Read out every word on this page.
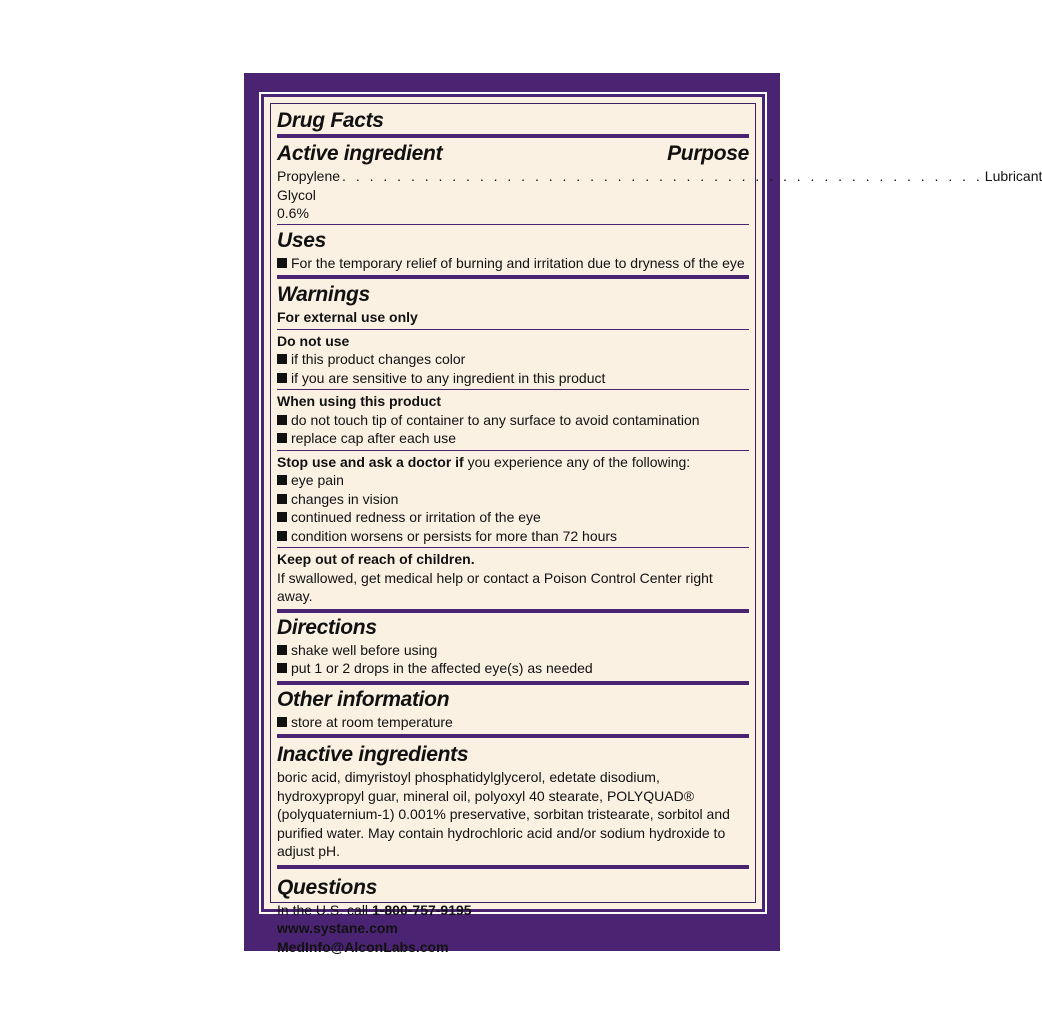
Drug Facts

Active ingredient	Purpose

Propylene Glycol 0.6%
. . . . . . . . . . . . . . . . . . . . . . . . . . . . . . . . . . . . . . . . . . . . . . . Lubricant

Uses

For the temporary relief of burning and irritation due to dryness of the eye

Warnings

For external use only

Do not use

if this product changes color
if you are sensitive to any ingredient in this product

When using this product

do not touch tip of container to any surface to avoid contamination
replace cap after each use

Stop use and ask a doctor if you experience any of the following:

eye pain
changes in vision
continued redness or irritation of the eye
condition worsens or persists for more than 72 hours

Keep out of reach of children.

If swallowed, get medical help or contact a Poison Control Center right away.

Directions

shake well before using
put 1 or 2 drops in the affected eye(s) as needed

Other information

store at room temperature

Inactive ingredients

boric acid, dimyristoyl phosphatidylglycerol, edetate disodium, hydroxypropyl guar, mineral oil, polyoxyl 40 stearate, POLYQUAD® (polyquaternium-1) 0.001% preservative, sorbitan tristearate, sorbitol and purified water. May contain hydrochloric acid and/or sodium hydroxide to adjust pH.

Questions

In the U.S. call 1-800-757-9195

www.systane.com

MedInfo@AlconLabs.com
